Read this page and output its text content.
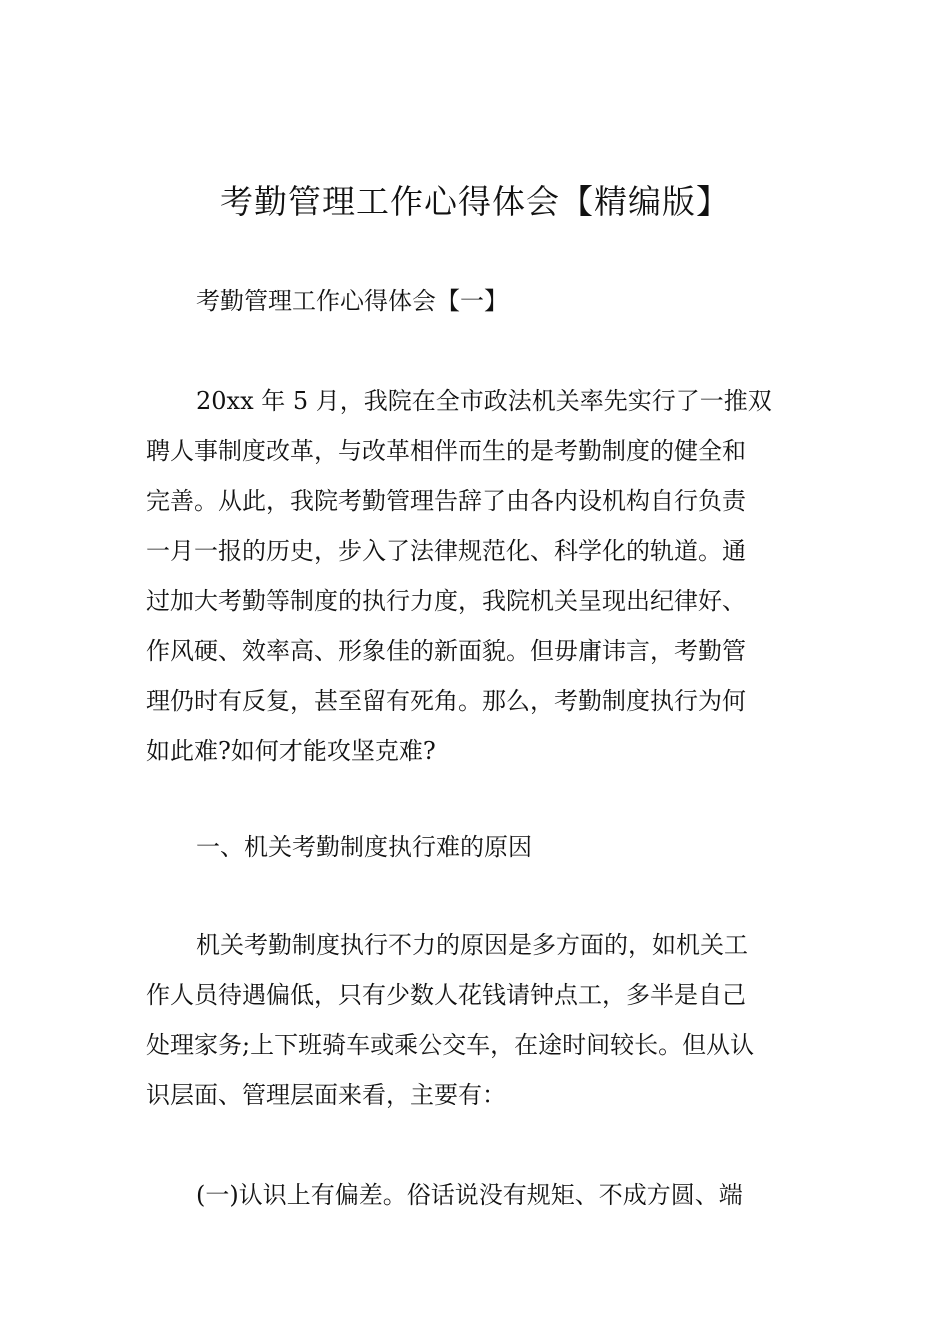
考勤管理工作心得体会【精编版】
考勤管理工作心得体会【一】
20xx 年 5 月，我院在全市政法机关率先实行了一推双
聘人事制度改革，与改革相伴而生的是考勤制度的健全和
完善。从此，我院考勤管理告辞了由各内设机构自行负责
一月一报的历史，步入了法律规范化、科学化的轨道。通
过加大考勤等制度的执行力度，我院机关呈现出纪律好、
作风硬、效率高、形象佳的新面貌。但毋庸讳言，考勤管
理仍时有反复，甚至留有死角。那么，考勤制度执行为何
如此难?如何才能攻坚克难?
一、机关考勤制度执行难的原因
机关考勤制度执行不力的原因是多方面的，如机关工
作人员待遇偏低，只有少数人花钱请钟点工，多半是自己
处理家务;上下班骑车或乘公交车，在途时间较长。但从认
识层面、管理层面来看，主要有：
(一)认识上有偏差。俗话说没有规矩、不成方圆、端
